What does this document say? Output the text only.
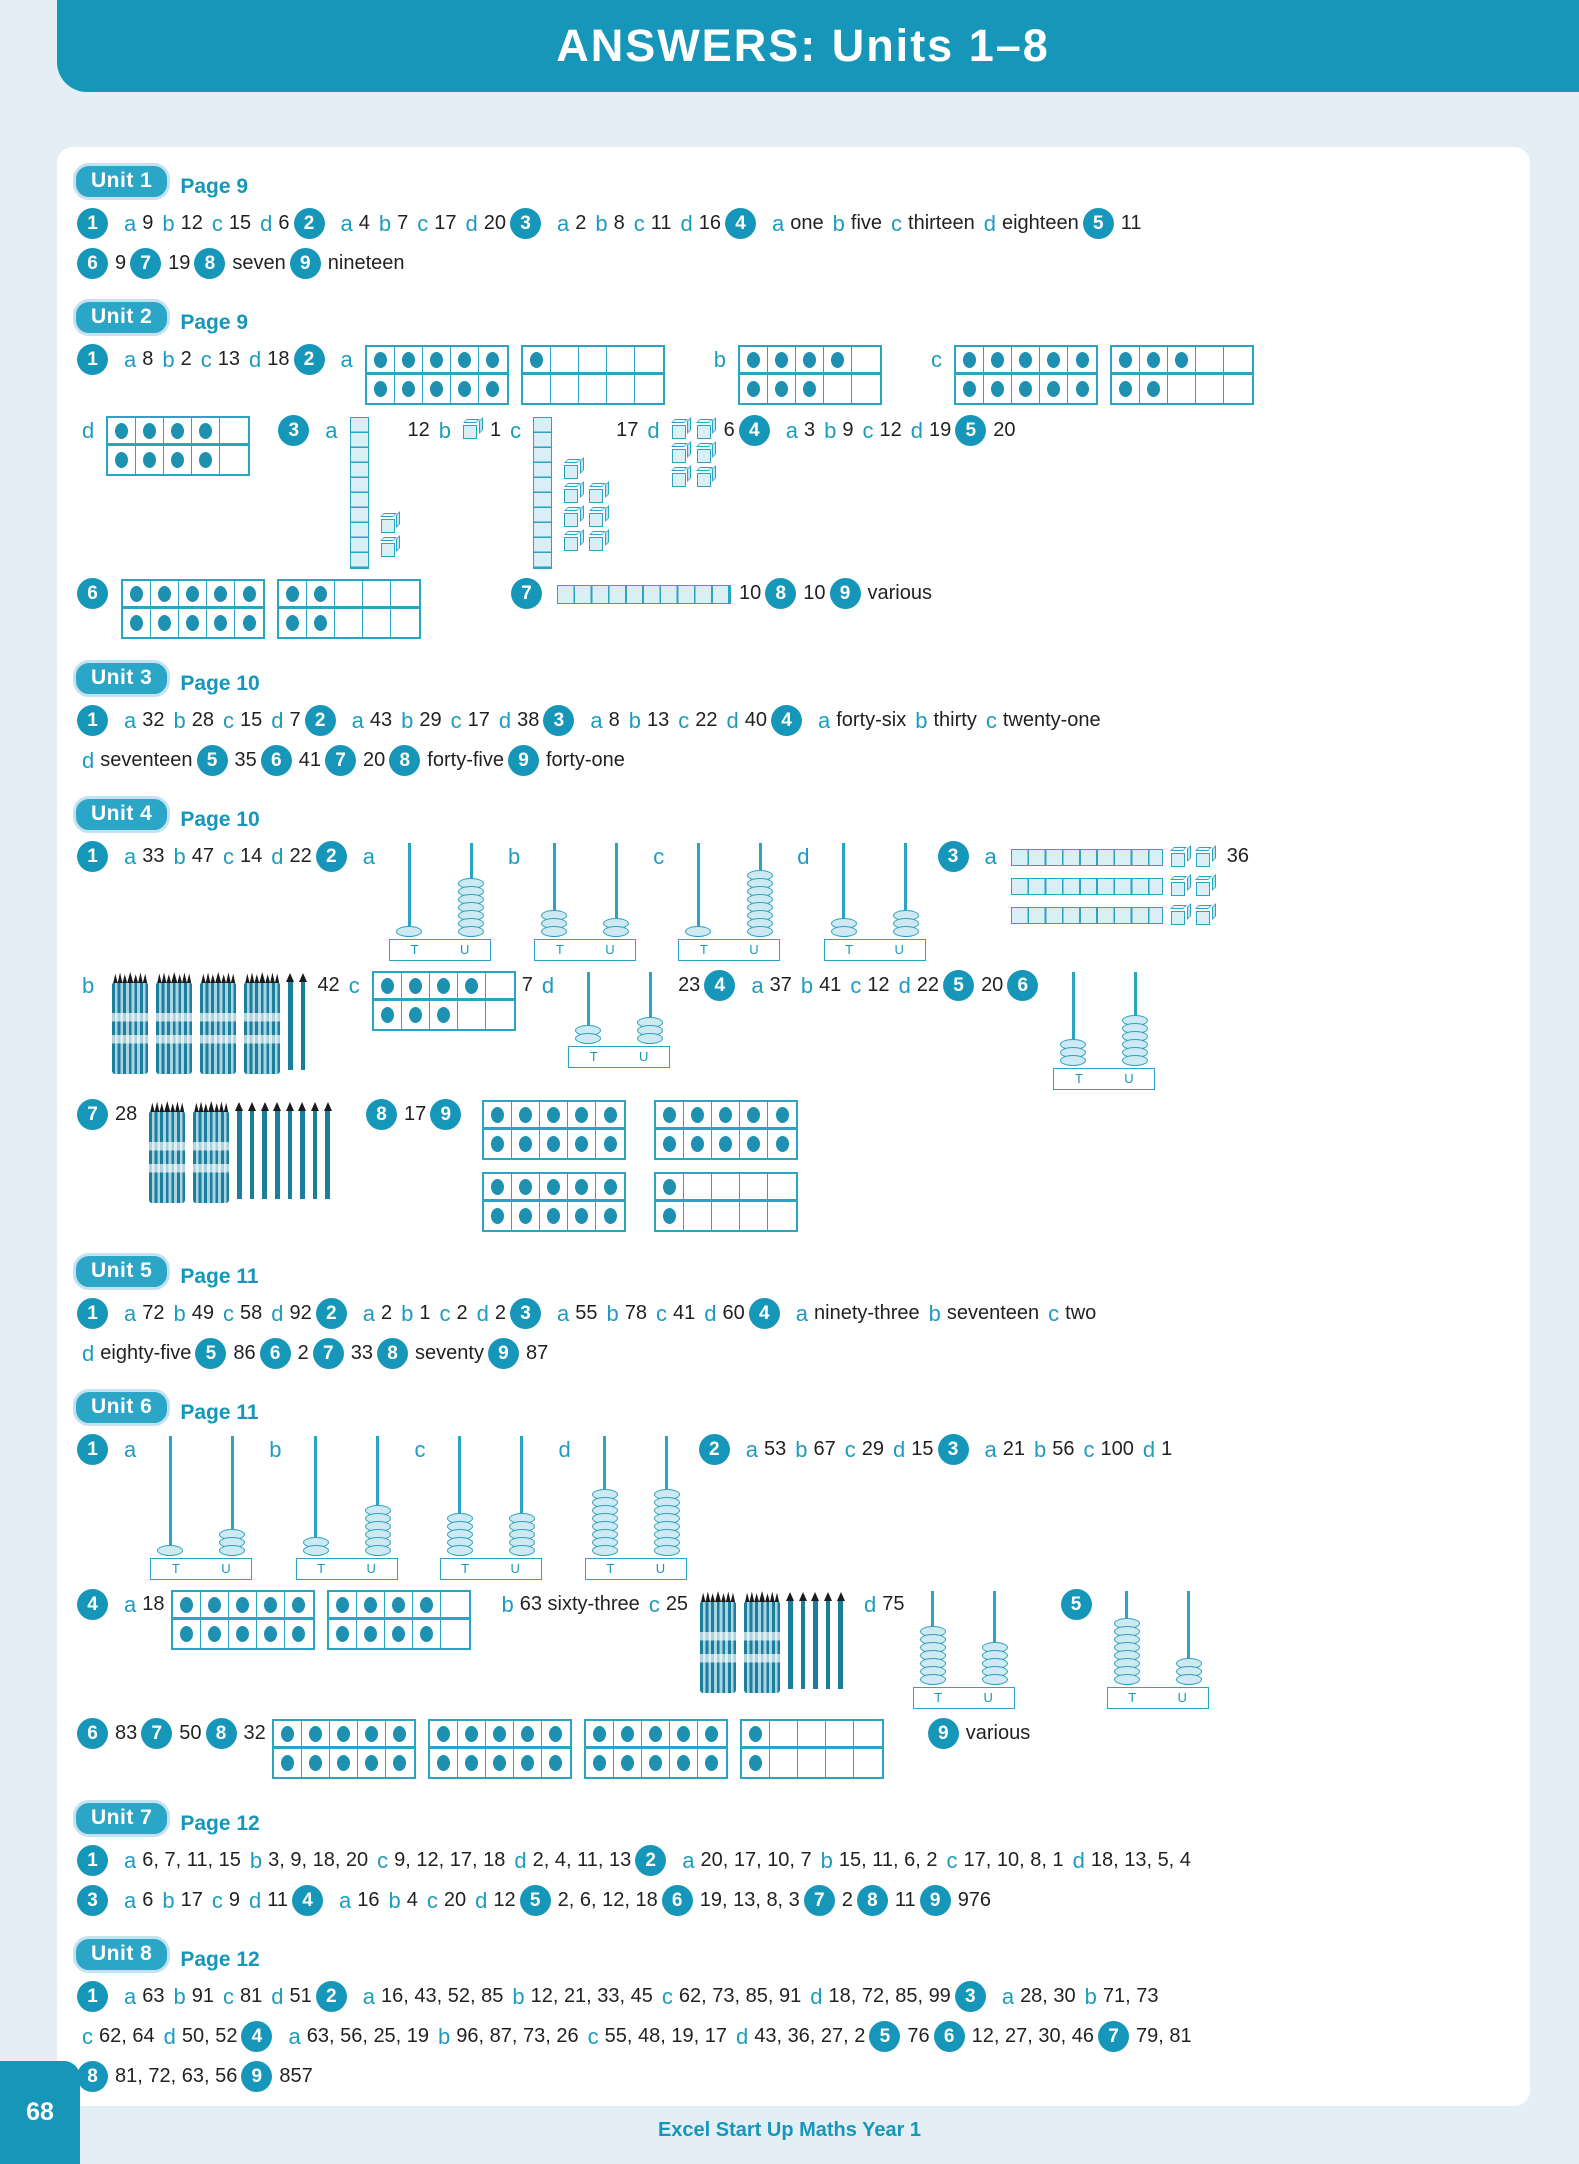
ANSWERS: Units 1–8
Unit 1	Page 9
1	a 9 b 12 c 15 d 6 2	a 4 b 7 c 17 d 20 3	a 2 b 8 c 11 d 16 4	a one b five c thirteen d eighteen 5 11
6 9 7 19 8 seven 9 nineteen
Unit 2	Page 9
1	a 8 b 2 c 13 d 18 2	a	b	c
d	3	a	12 b 1 c	17 d	6 4	a 3 b 9 c 12 d 19 5 20
6	7	10 8 10 9 various
Unit 3	Page 10
1	a 32 b 28 c 15 d 7 2	a 43 b 29 c 17 d 38 3	a 8 b 13 c 22 d 40 4	a forty-six b thirty c twenty-one
d seventeen 5 35 6 41 7 20 8 forty-five 9 forty-one
Unit 4	Page 10
1	a 33 b 47 c 14 d 22 2	a
T	U
b
T	U
c
T	U
d
T	U
3	a	36
b	42 c	7 d
T	U
23 4	a 37 b 41 c 12 d 22 5 20 6
T	U
7 28	8 17 9
Unit 5	Page 11
1	a 72 b 49 c 58 d 92 2	a 2 b 1 c 2 d 2 3	a 55 b 78 c 41 d 60 4	a ninety-three b seventeen c two
d eighty-five 5 86 6 2 7 33 8 seventy 9 87
Unit 6	Page 11
1	a
T	U
b
T	U
c
T	U
d
T	U
2	a 53 b 67 c 29 d 15 3	a 21 b 56 c 100 d 1
4	a 18	b 63 sixty-three c 25	d 75
T	U
5
T	U
6 83 7 50 8 32	9 various
Unit 7	Page 12
1	a 6, 7, 11, 15 b 3, 9, 18, 20 c 9, 12, 17, 18 d 2, 4, 11, 13 2	a 20, 17, 10, 7 b 15, 11, 6, 2 c 17, 10, 8, 1 d 18, 13, 5, 4
3	a 6 b 17 c 9 d 11 4	a 16 b 4 c 20 d 12 5 2, 6, 12, 18 6 19, 13, 8, 3 7 2 8 11 9 976
Unit 8	Page 12
1	a 63 b 91 c 81 d 51 2	a 16, 43, 52, 85 b 12, 21, 33, 45 c 62, 73, 85, 91 d 18, 72, 85, 99 3	a 28, 30 b 71, 73
c 62, 64 d 50, 52 4	a 63, 56, 25, 19 b 96, 87, 73, 26 c 55, 48, 19, 17 d 43, 36, 27, 2 5 76 6 12, 27, 30, 46 7 79, 81
8 81, 72, 63, 56 9 857
68
Excel Start Up Maths Year 1
